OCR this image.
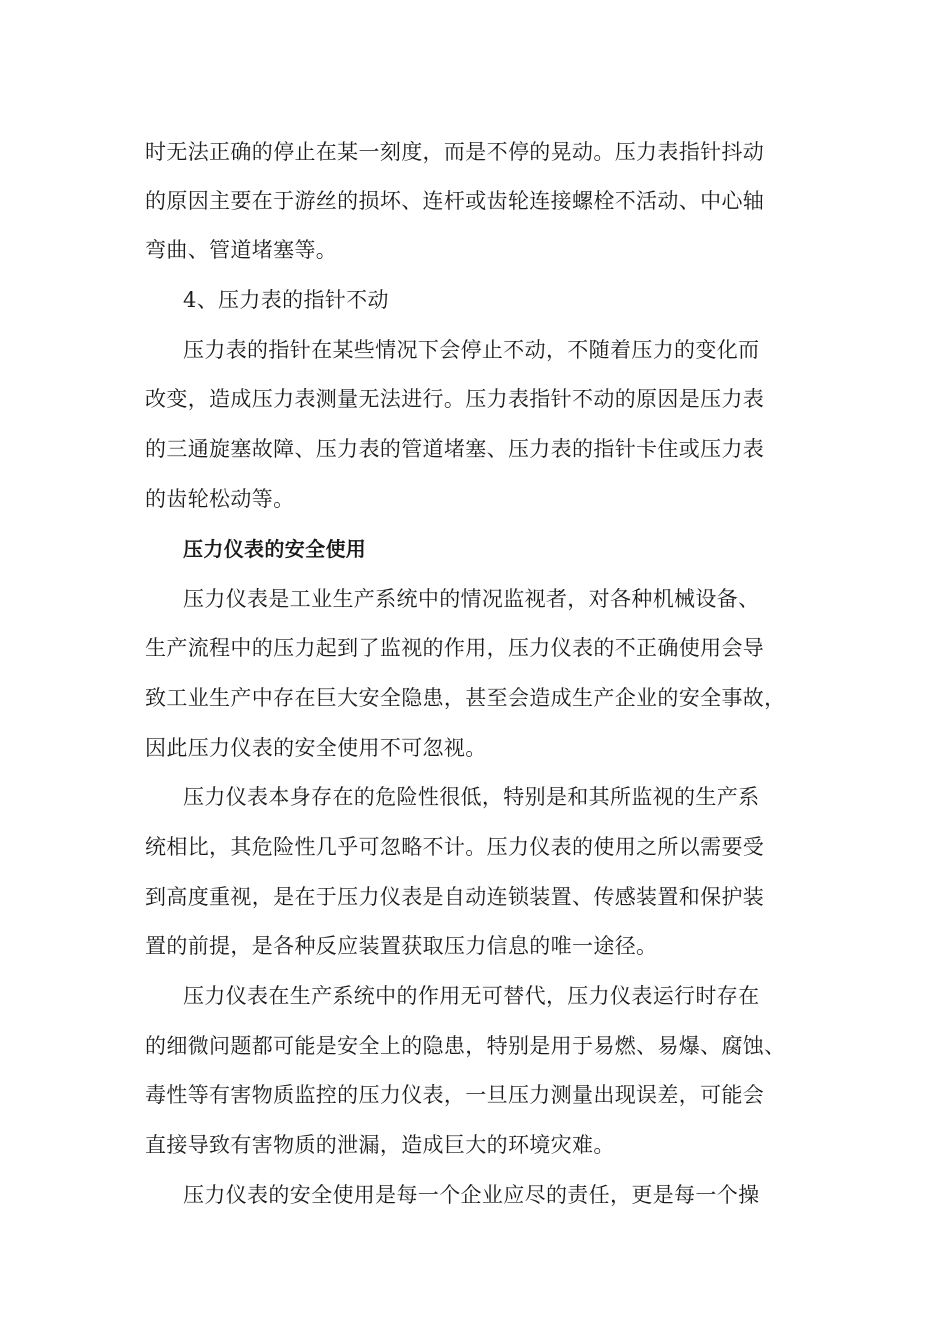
时无法正确的停止在某一刻度，而是不停的晃动。压力表指针抖动
的原因主要在于游丝的损坏、连杆或齿轮连接螺栓不活动、中心轴
弯曲、管道堵塞等。
4、压力表的指针不动
压力表的指针在某些情况下会停止不动，不随着压力的变化而
改变，造成压力表测量无法进行。压力表指针不动的原因是压力表
的三通旋塞故障、压力表的管道堵塞、压力表的指针卡住或压力表
的齿轮松动等。
压力仪表的安全使用
压力仪表是工业生产系统中的情况监视者，对各种机械设备、
生产流程中的压力起到了监视的作用，压力仪表的不正确使用会导
致工业生产中存在巨大安全隐患，甚至会造成生产企业的安全事故，
因此压力仪表的安全使用不可忽视。
压力仪表本身存在的危险性很低，特别是和其所监视的生产系
统相比，其危险性几乎可忽略不计。压力仪表的使用之所以需要受
到高度重视，是在于压力仪表是自动连锁装置、传感装置和保护装
置的前提，是各种反应装置获取压力信息的唯一途径。
压力仪表在生产系统中的作用无可替代，压力仪表运行时存在
的细微问题都可能是安全上的隐患，特别是用于易燃、易爆、腐蚀、
毒性等有害物质监控的压力仪表，一旦压力测量出现误差，可能会
直接导致有害物质的泄漏，造成巨大的环境灾难。
压力仪表的安全使用是每一个企业应尽的责任，更是每一个操
